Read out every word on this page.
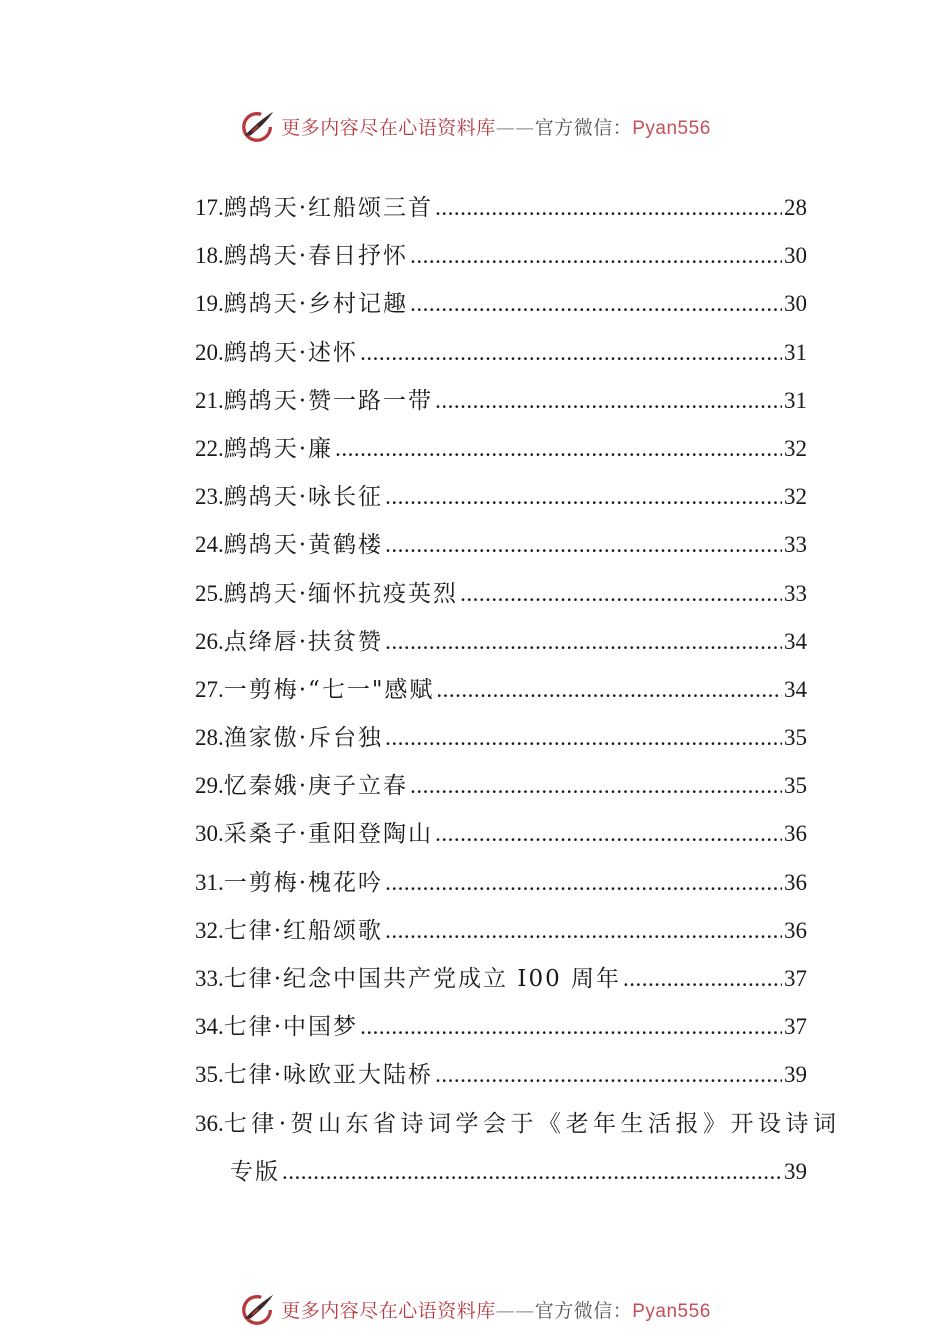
更多内容尽在心语资料库——官方微信：Pyan556
17. 鹧鸪天·红船颂三首 .....	28
18. 鹧鸪天·春日抒怀 .....	30
19. 鹧鸪天·乡村记趣 .....	30
20. 鹧鸪天·述怀 .....	31
21. 鹧鸪天·赞一路一带 .....	31
22. 鹧鸪天·廉 .....	32
23. 鹧鸪天·咏长征 .....	32
24. 鹧鸪天·黄鹤楼 .....	33
25. 鹧鸪天·缅怀抗疫英烈 .....	33
26. 点绛唇·扶贫赞 .....	34
27. 一剪梅·“七一"感赋 .....	34
28. 渔家傲·斥台独 .....	35
29. 忆秦娥·庚子立春 .....	35
30. 采桑子·重阳登陶山 .....	36
31. 一剪梅·槐花吟 .....	36
32. 七律·红船颂歌 .....	36
33. 七律·纪念中国共产党成立 I00 周年 .....	37
34. 七律·中国梦 .....	37
35. 七律·咏欧亚大陆桥 .....	39
36. 七律·贺山东省诗词学会于《老年生活报》开设诗词
专版 .....	39
更多内容尽在心语资料库——官方微信：Pyan556
